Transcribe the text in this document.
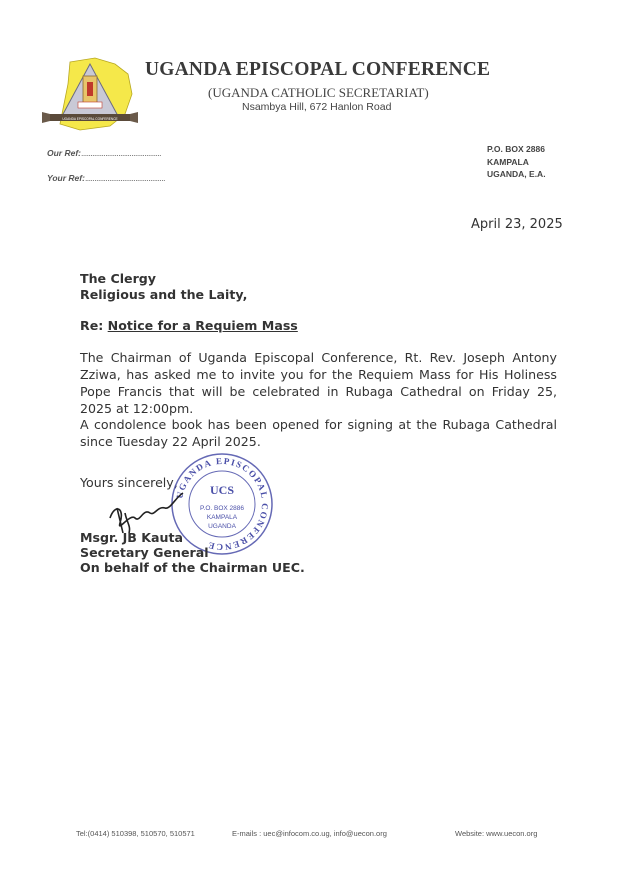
UGANDA EPISCOPAL CONFERENCE
UGANDA EPISCOPAL CONFERENCE
(UGANDA CATHOLIC SECRETARIAT)
Nsambya Hill, 672 Hanlon Road
Our Ref:...........................................
Your Ref:...........................................
P.O. BOX 2886
KAMPALA
UGANDA, E.A.
April 23, 2025
The Clergy
Religious and the Laity,
Re: Notice for a Requiem Mass
The Chairman of Uganda Episcopal Conference, Rt. Rev. Joseph Antony Zziwa, has asked me to invite you for the Requiem Mass for His Holiness Pope Francis that will be celebrated in Rubaga Cathedral on Friday 25, 2025 at 12:00pm.
A condolence book has been opened for signing at the Rubaga Cathedral since Tuesday 22 April 2025.
Yours sincerely,
UGANDA EPISCOPAL CONFERENCE
UCS
P.O. BOX 2886
KAMPALA
UGANDA
Msgr. JB Kauta
Secretary General
On behalf of the Chairman UEC.
Tel:(0414) 510398, 510570, 510571	E-mails : uec@infocom.co.ug, info@uecon.org	Website: www.uecon.org
